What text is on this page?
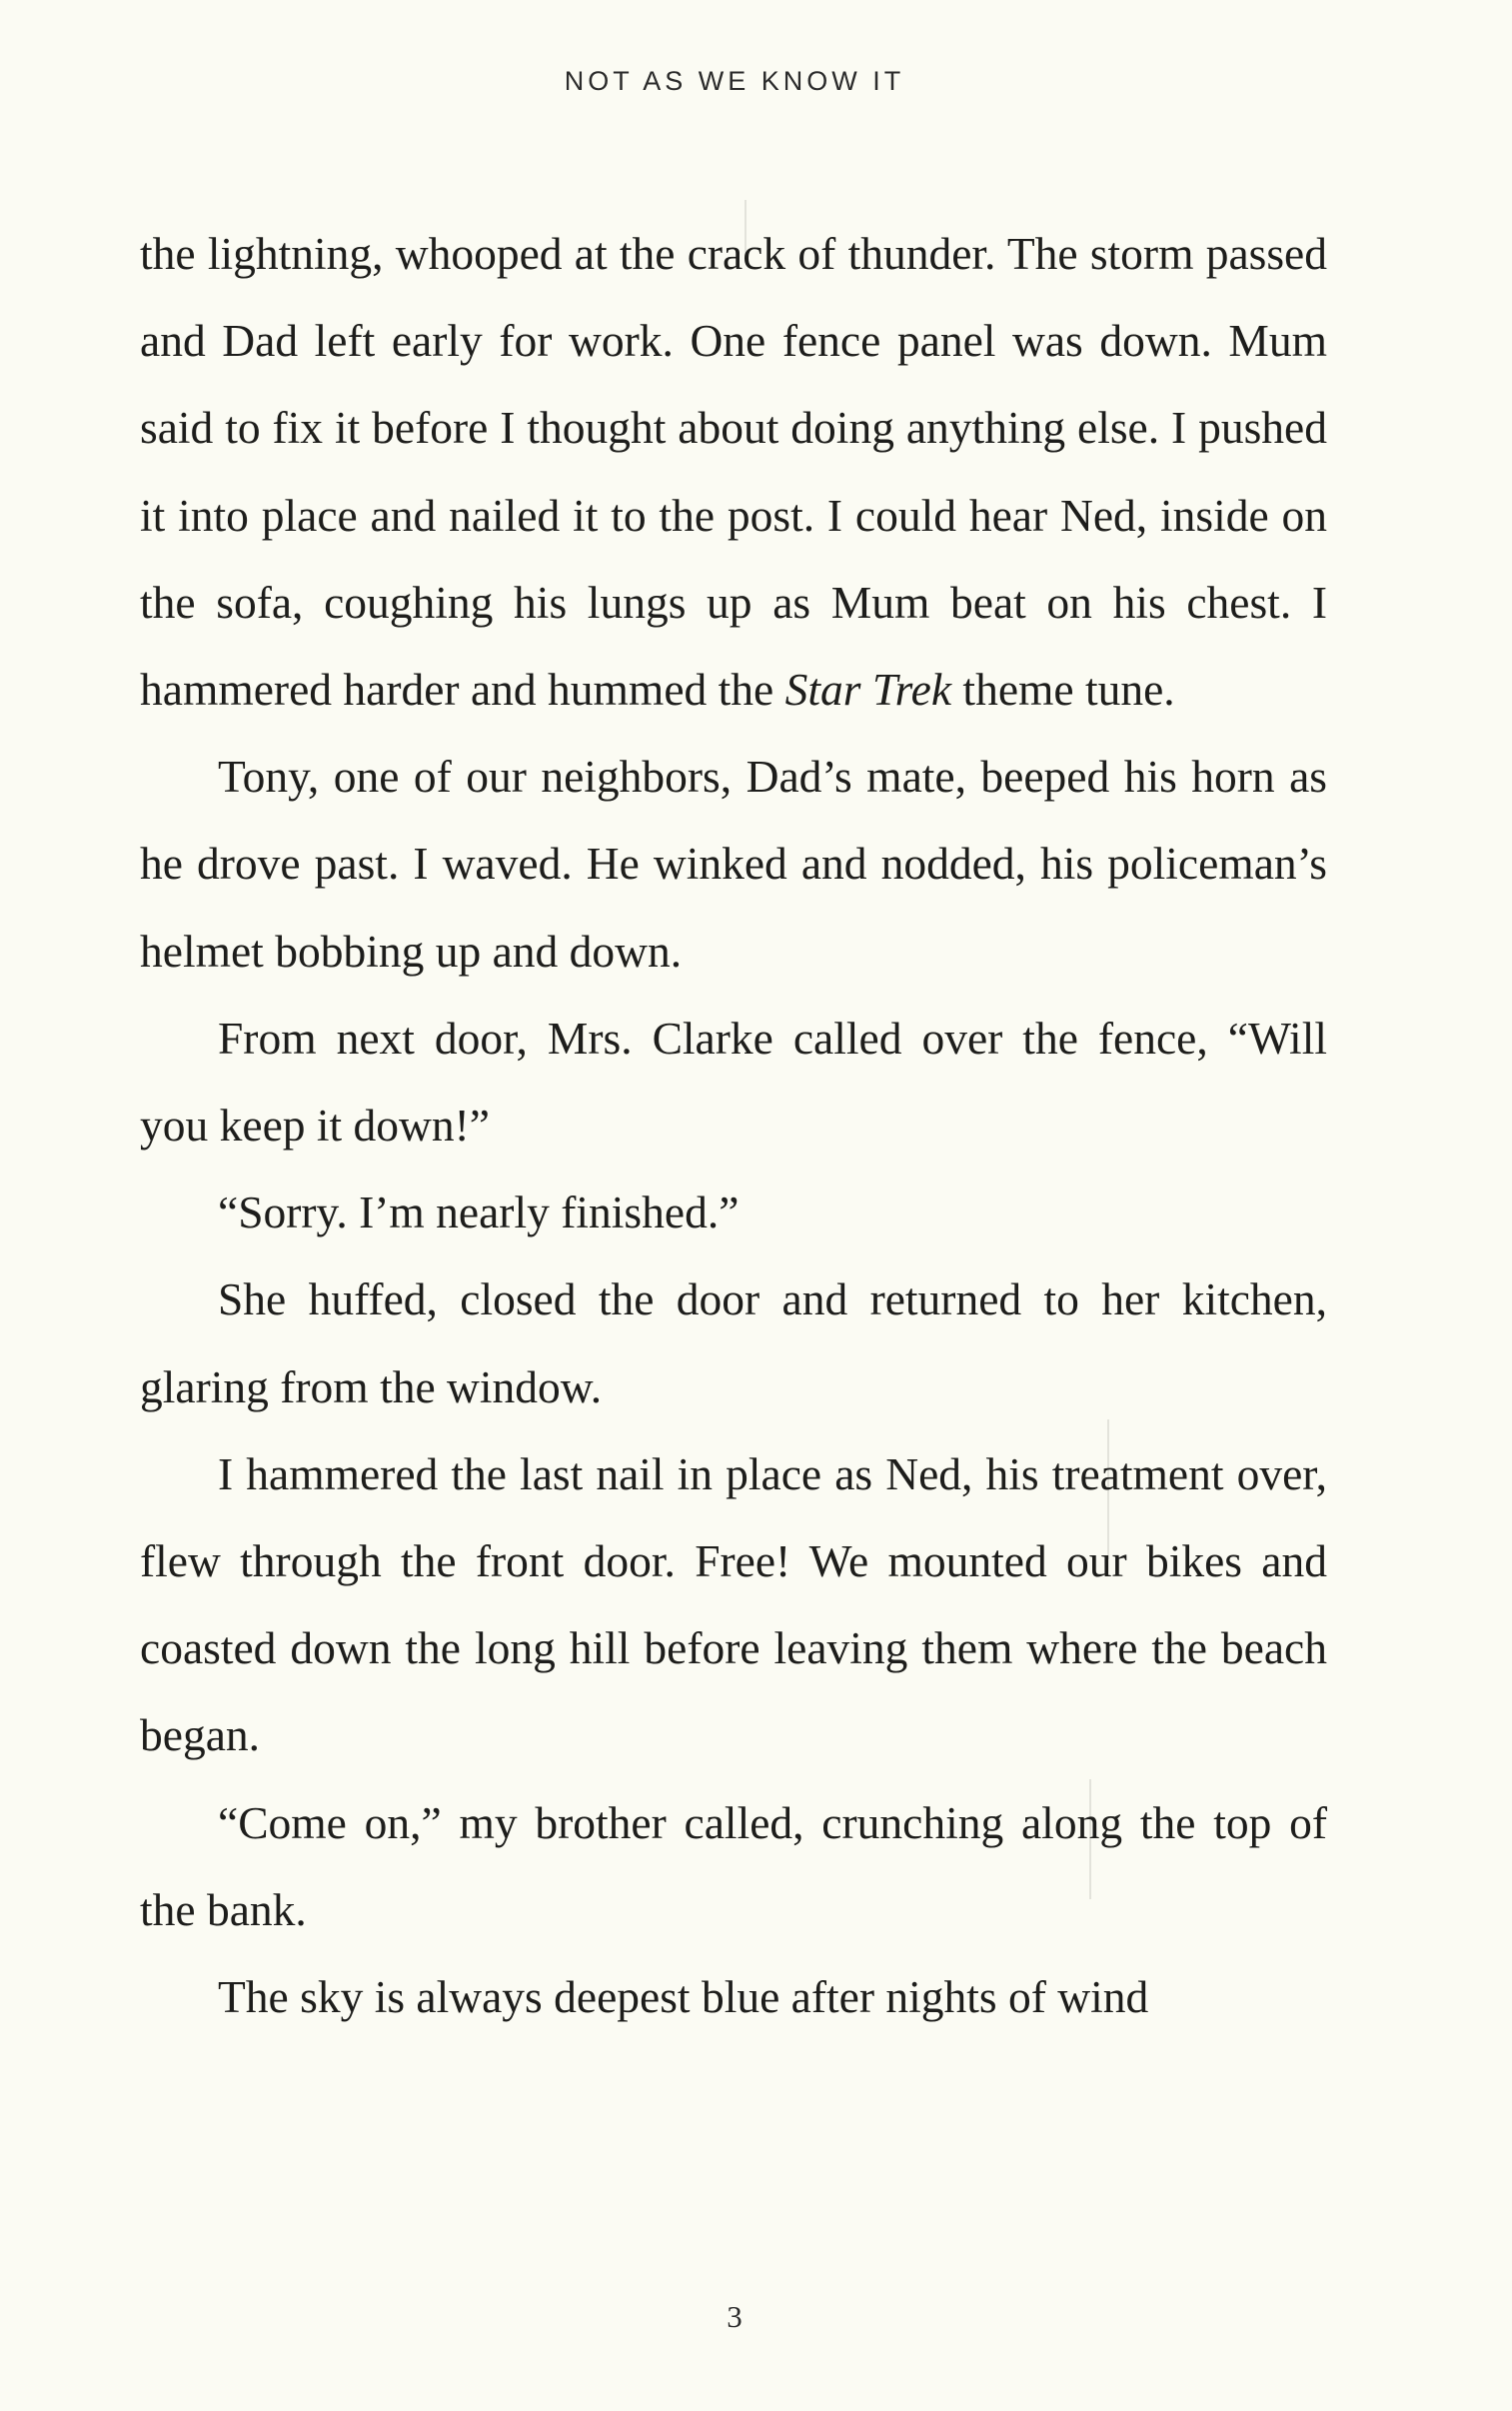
NOT AS WE KNOW IT

the lightning, whooped at the crack of thunder. The storm passed and Dad left early for work. One fence panel was down. Mum said to fix it before I thought about doing anything else. I pushed it into place and nailed it to the post. I could hear Ned, inside on the sofa, coughing his lungs up as Mum beat on his chest. I hammered harder and hummed the Star Trek theme tune.

Tony, one of our neighbors, Dad’s mate, beeped his horn as he drove past. I waved. He winked and nodded, his policeman’s helmet bobbing up and down.

From next door, Mrs. Clarke called over the fence, “Will you keep it down!”

“Sorry. I’m nearly finished.”

She huffed, closed the door and returned to her kitchen, glaring from the window.

I hammered the last nail in place as Ned, his treatment over, flew through the front door. Free! We mounted our bikes and coasted down the long hill before leaving them where the beach began.

“Come on,” my brother called, crunching along the top of the bank.

The sky is always deepest blue after nights of wind

3
